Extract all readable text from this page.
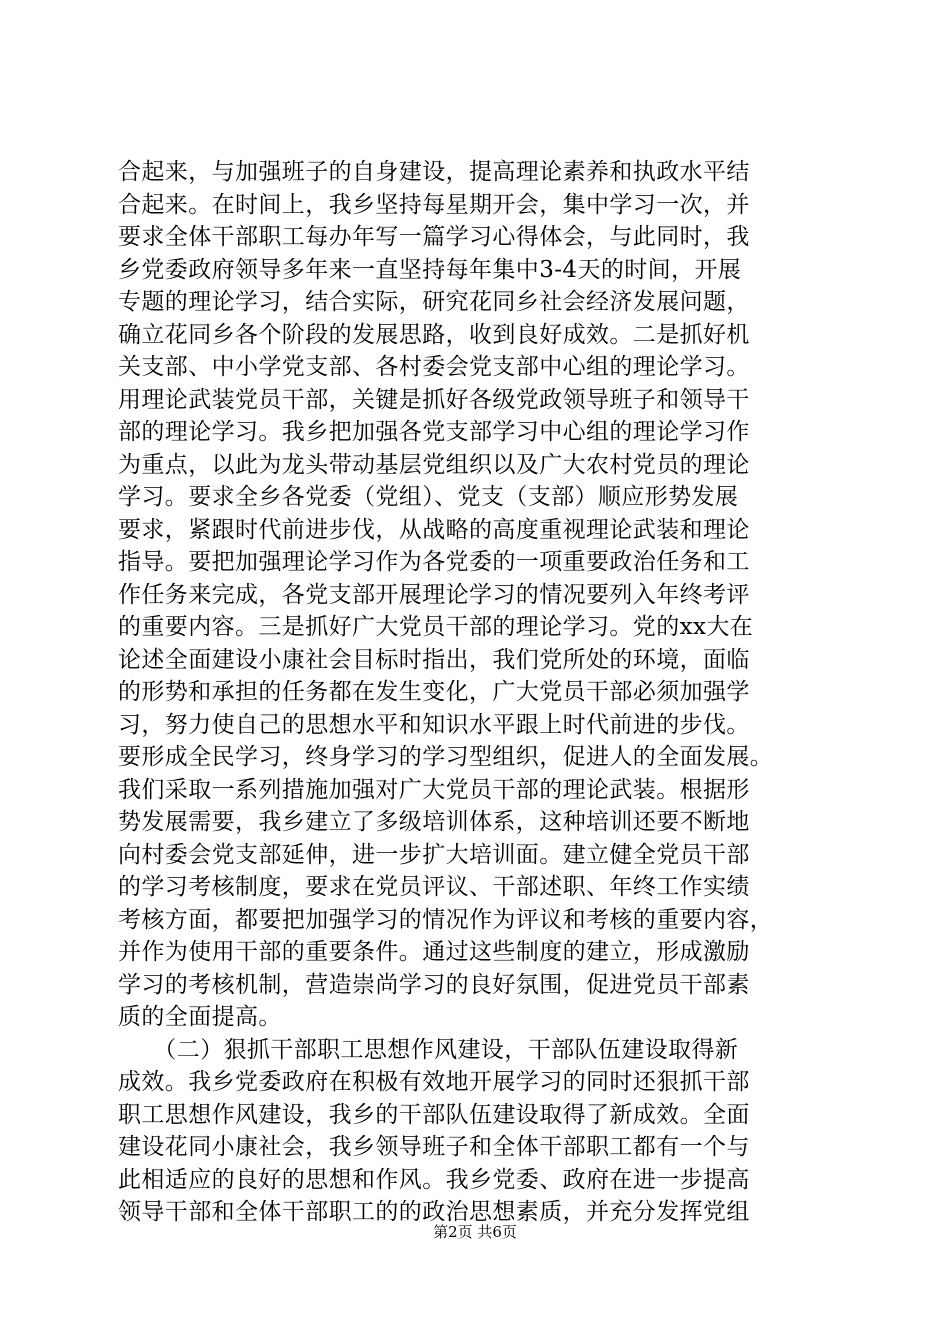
合起来，与加强班子的自身建设，提高理论素养和执政水平结
合起来。在时间上，我乡坚持每星期开会，集中学习一次，并
要求全体干部职工每办年写一篇学习心得体会，与此同时，我
乡党委政府领导多年来一直坚持每年集中3-4天的时间，开展
专题的理论学习，结合实际，研究花同乡社会经济发展问题，
确立花同乡各个阶段的发展思路，收到良好成效。二是抓好机
关支部、中小学党支部、各村委会党支部中心组的理论学习。
用理论武装党员干部，关键是抓好各级党政领导班子和领导干
部的理论学习。我乡把加强各党支部学习中心组的理论学习作
为重点，以此为龙头带动基层党组织以及广大农村党员的理论
学习。要求全乡各党委（党组）、党支（支部）顺应形势发展
要求，紧跟时代前进步伐，从战略的高度重视理论武装和理论
指导。要把加强理论学习作为各党委的一项重要政治任务和工
作任务来完成，各党支部开展理论学习的情况要列入年终考评
的重要内容。三是抓好广大党员干部的理论学习。党的xx大在
论述全面建设小康社会目标时指出，我们党所处的环境，面临
的形势和承担的任务都在发生变化，广大党员干部必须加强学
习，努力使自己的思想水平和知识水平跟上时代前进的步伐。
要形成全民学习，终身学习的学习型组织，促进人的全面发展。
我们采取一系列措施加强对广大党员干部的理论武装。根据形
势发展需要，我乡建立了多级培训体系，这种培训还要不断地
向村委会党支部延伸，进一步扩大培训面。建立健全党员干部
的学习考核制度，要求在党员评议、干部述职、年终工作实绩
考核方面，都要把加强学习的情况作为评议和考核的重要内容，
并作为使用干部的重要条件。通过这些制度的建立，形成激励
学习的考核机制，营造崇尚学习的良好氛围，促进党员干部素
质的全面提高。
　　（二）狠抓干部职工思想作风建设，干部队伍建设取得新
成效。我乡党委政府在积极有效地开展学习的同时还狠抓干部
职工思想作风建设，我乡的干部队伍建设取得了新成效。全面
建设花同小康社会，我乡领导班子和全体干部职工都有一个与
此相适应的良好的思想和作风。我乡党委、政府在进一步提高
领导干部和全体干部职工的的政治思想素质，并充分发挥党组
第2页 共6页
